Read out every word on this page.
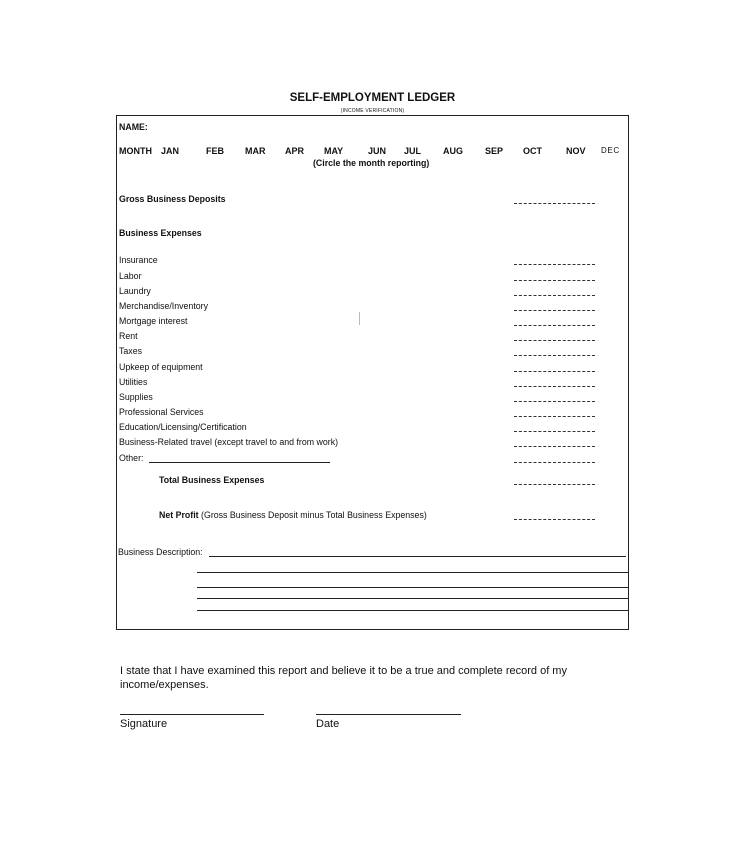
SELF-EMPLOYMENT LEDGER
(INCOME VERIFICATION)
NAME:
MONTH JAN	FEB MAR APR MAY	JUN JUL AUG SEP OCT	NOV DEC
(Circle the month reporting)
Gross Business Deposits
Business Expenses
Insurance
Labor
Laundry
Merchandise/Inventory
Mortgage interest
Rent
Taxes
Upkeep of equipment
Utilities
Supplies
Professional Services
Education/Licensing/Certification
Business-Related travel (except travel to and from work)
Other:
Total Business Expenses
Net Profit (Gross Business Deposit minus Total Business Expenses)
Business Description:
I state that I have examined this report and believe it to be a true and complete record of my income/expenses.
Signature	Date
